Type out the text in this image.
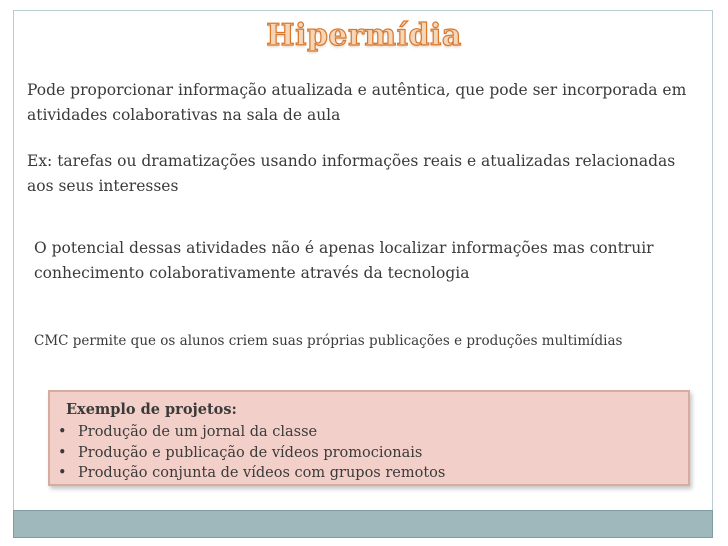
Hipermídia

Pode proporcionar informação atualizada e autêntica, que pode ser incorporada em atividades colaborativas na sala de aula

Ex: tarefas ou dramatizações usando informações reais e atualizadas relacionadas aos seus interesses

O potencial dessas atividades não é apenas localizar informações mas contruir conhecimento colaborativamente através da tecnologia

CMC permite que os alunos criem suas próprias publicações e produções multimídias

Exemplo de projetos:
• Produção de um jornal da classe
• Produção e publicação de vídeos promocionais
• Produção conjunta de vídeos com grupos remotos
